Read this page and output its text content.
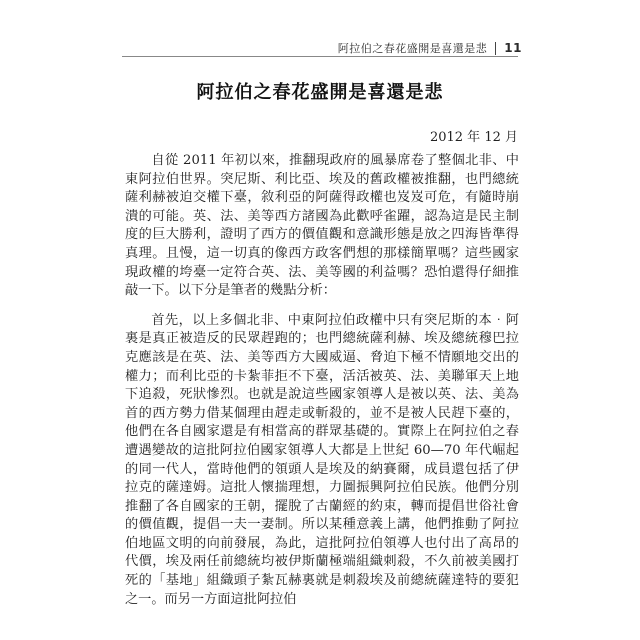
阿拉伯之春花盛開是喜還是悲 11
阿拉伯之春花盛開是喜還是悲
2012 年 12 月

自從 2011 年初以來，推翻現政府的風暴席卷了整個北非、中東阿拉伯世界。突尼斯、利比亞、埃及的舊政權被推翻，也門總統薩利赫被迫交權下臺，敘利亞的阿薩得政權也岌岌可危，有隨時崩潰的可能。英、法、美等西方諸國為此歡呼雀躍，認為這是民主制度的巨大勝利，證明了西方的價值觀和意識形態是放之四海皆準得真理。且慢，這一切真的像西方政客們想的那樣簡單嗎？這些國家現政權的垮臺一定符合英、法、美等國的利益嗎？恐怕還得仔細推敲一下。以下分是筆者的幾點分析：

首先，以上多個北非、中東阿拉伯政權中只有突尼斯的本‧阿裏是真正被造反的民眾趕跑的；也門總統薩利赫、埃及總統穆巴拉克應該是在英、法、美等西方大國威逼、脅迫下極不情願地交出的權力；而利比亞的卡紮菲拒不下臺，活活被英、法、美聯軍天上地下追殺，死狀慘烈。也就是說這些國家領導人是被以英、法、美為首的西方勢力借某個理由趕走或斬殺的，並不是被人民趕下臺的，他們在各自國家還是有相當高的群眾基礎的。實際上在阿拉伯之春遭遇變故的這批阿拉伯國家領導人大都是上世紀 60—70 年代崛起的同一代人，當時他們的領頭人是埃及的納賽爾，成員還包括了伊拉克的薩達姆。這批人懷揣理想，力圖振興阿拉伯民族。他們分別推翻了各自國家的王朝，擺脫了古蘭經的約束，轉而提倡世俗社會的價值觀，提倡一夫一妻制。所以某種意義上講，他們推動了阿拉伯地區文明的向前發展，為此，這批阿拉伯領導人也付出了高昂的代價，埃及兩任前總統均被伊斯蘭極端組織刺殺，不久前被美國打死的「基地」組織頭子紮瓦赫裏就是刺殺埃及前總統薩達特的要犯之一。而另一方面這批阿拉伯
